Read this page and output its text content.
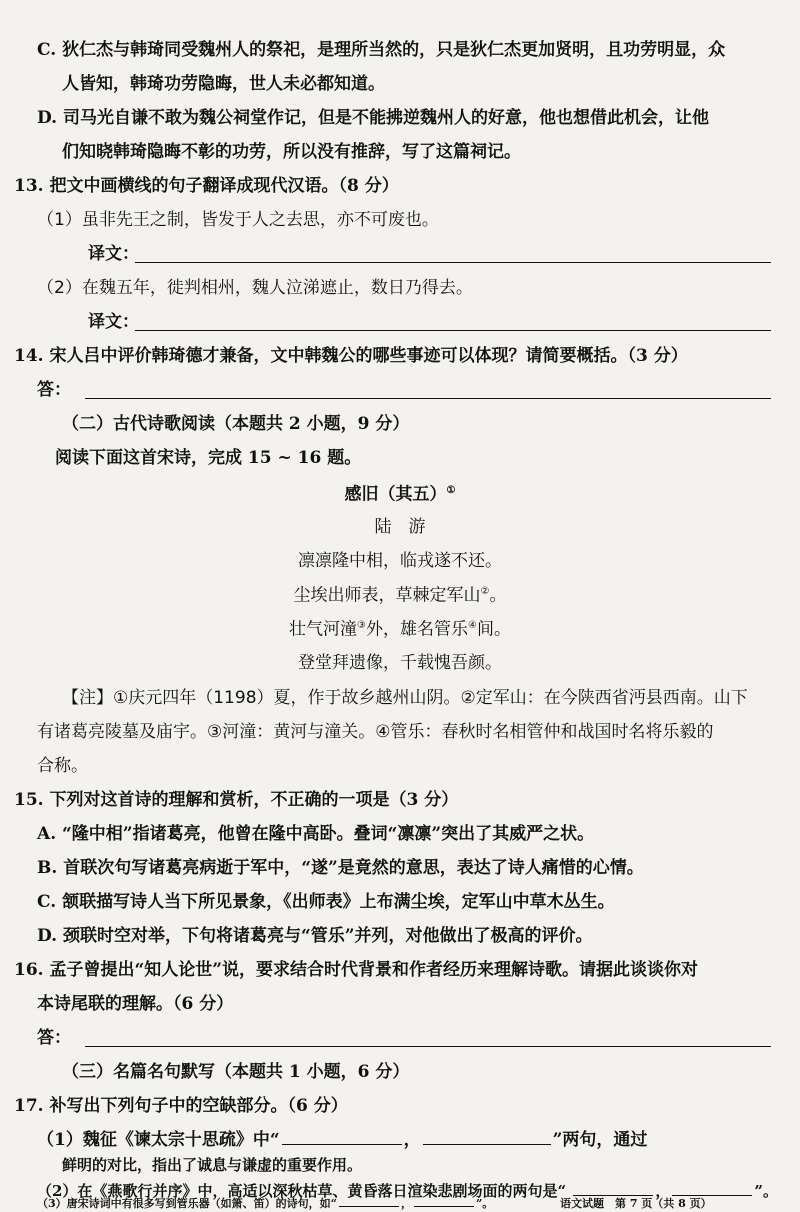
C. 狄仁杰与韩琦同受魏州人的祭祀，是理所当然的，只是狄仁杰更加贤明，且功劳明显，众
人皆知，韩琦功劳隐晦，世人未必都知道。
D. 司马光自谦不敢为魏公祠堂作记，但是不能拂逆魏州人的好意，他也想借此机会，让他
们知晓韩琦隐晦不彰的功劳，所以没有推辞，写了这篇祠记。
13. 把文中画横线的句子翻译成现代汉语。（8 分）
（1）虽非先王之制，皆发于人之去思，亦不可废也。
译文：
（2）在魏五年，徙判相州，魏人泣涕遮止，数日乃得去。
译文：
14. 宋人吕中评价韩琦德才兼备，文中韩魏公的哪些事迹可以体现？请简要概括。（3 分）
答：
（二）古代诗歌阅读（本题共 2 小题，9 分）
阅读下面这首宋诗，完成 15 ~ 16 题。
感旧（其五）①
陆　游
凛凛隆中相，临戎遂不还。
尘埃出师表，草棘定军山②。
壮气河潼③外，雄名管乐④间。
登堂拜遗像，千载愧吾颜。
【注】①庆元四年（1198）夏，作于故乡越州山阴。②定军山：在今陕西省沔县西南。山下
有诸葛亮陵墓及庙宇。③河潼：黄河与潼关。④管乐：春秋时名相管仲和战国时名将乐毅的
合称。
15. 下列对这首诗的理解和赏析，不正确的一项是（3 分）
A. “隆中相”指诸葛亮，他曾在隆中高卧。叠词“凛凛”突出了其威严之状。
B. 首联次句写诸葛亮病逝于军中，“遂”是竟然的意思，表达了诗人痛惜的心情。
C. 颔联描写诗人当下所见景象，《出师表》上布满尘埃，定军山中草木丛生。
D. 颈联时空对举，下句将诸葛亮与“管乐”并列，对他做出了极高的评价。
16. 孟子曾提出“知人论世”说，要求结合时代背景和作者经历来理解诗歌。请据此谈谈你对
本诗尾联的理解。（6 分）
答：
（三）名篇名句默写（本题共 1 小题，6 分）
17. 补写出下列句子中的空缺部分。（6 分）
（1）魏征《谏太宗十思疏》中“	，	”两句，通过
鲜明的对比，指出了诚息与谦虚的重要作用。
（2）在《燕歌行并序》中，高适以深秋枯草、黄昏落日渲染悲剧场面的两句是“	，	”。
（3）唐宋诗词中有很多写到管乐器（如箫、笛）的诗句，如“	，	”。	语文试题　第 7 页（共 8 页）
